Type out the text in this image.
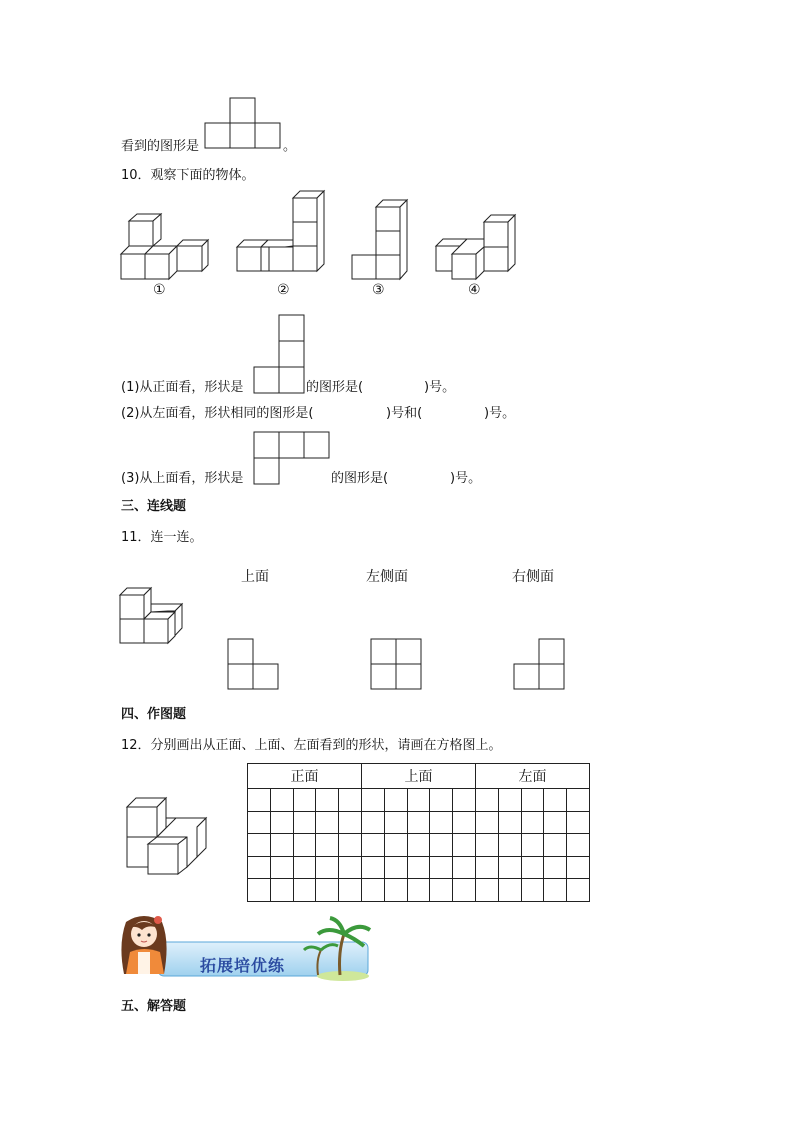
看到的图形是	。
10．观察下面的物体。
①	②	③	④
(1)从正面看，形状是	的图形是(	)号。
(2)从左面看，形状相同的图形是(	)号和(	)号。
(3)从上面看，形状是	的图形是(	)号。
三、连线题
11．连一连。
上面	左侧面	右侧面
四、作图题
12．分别画出从正面、上面、左面看到的形状，请画在方格图上。
正面					上面					左面				

拓展培优练
五、解答题
